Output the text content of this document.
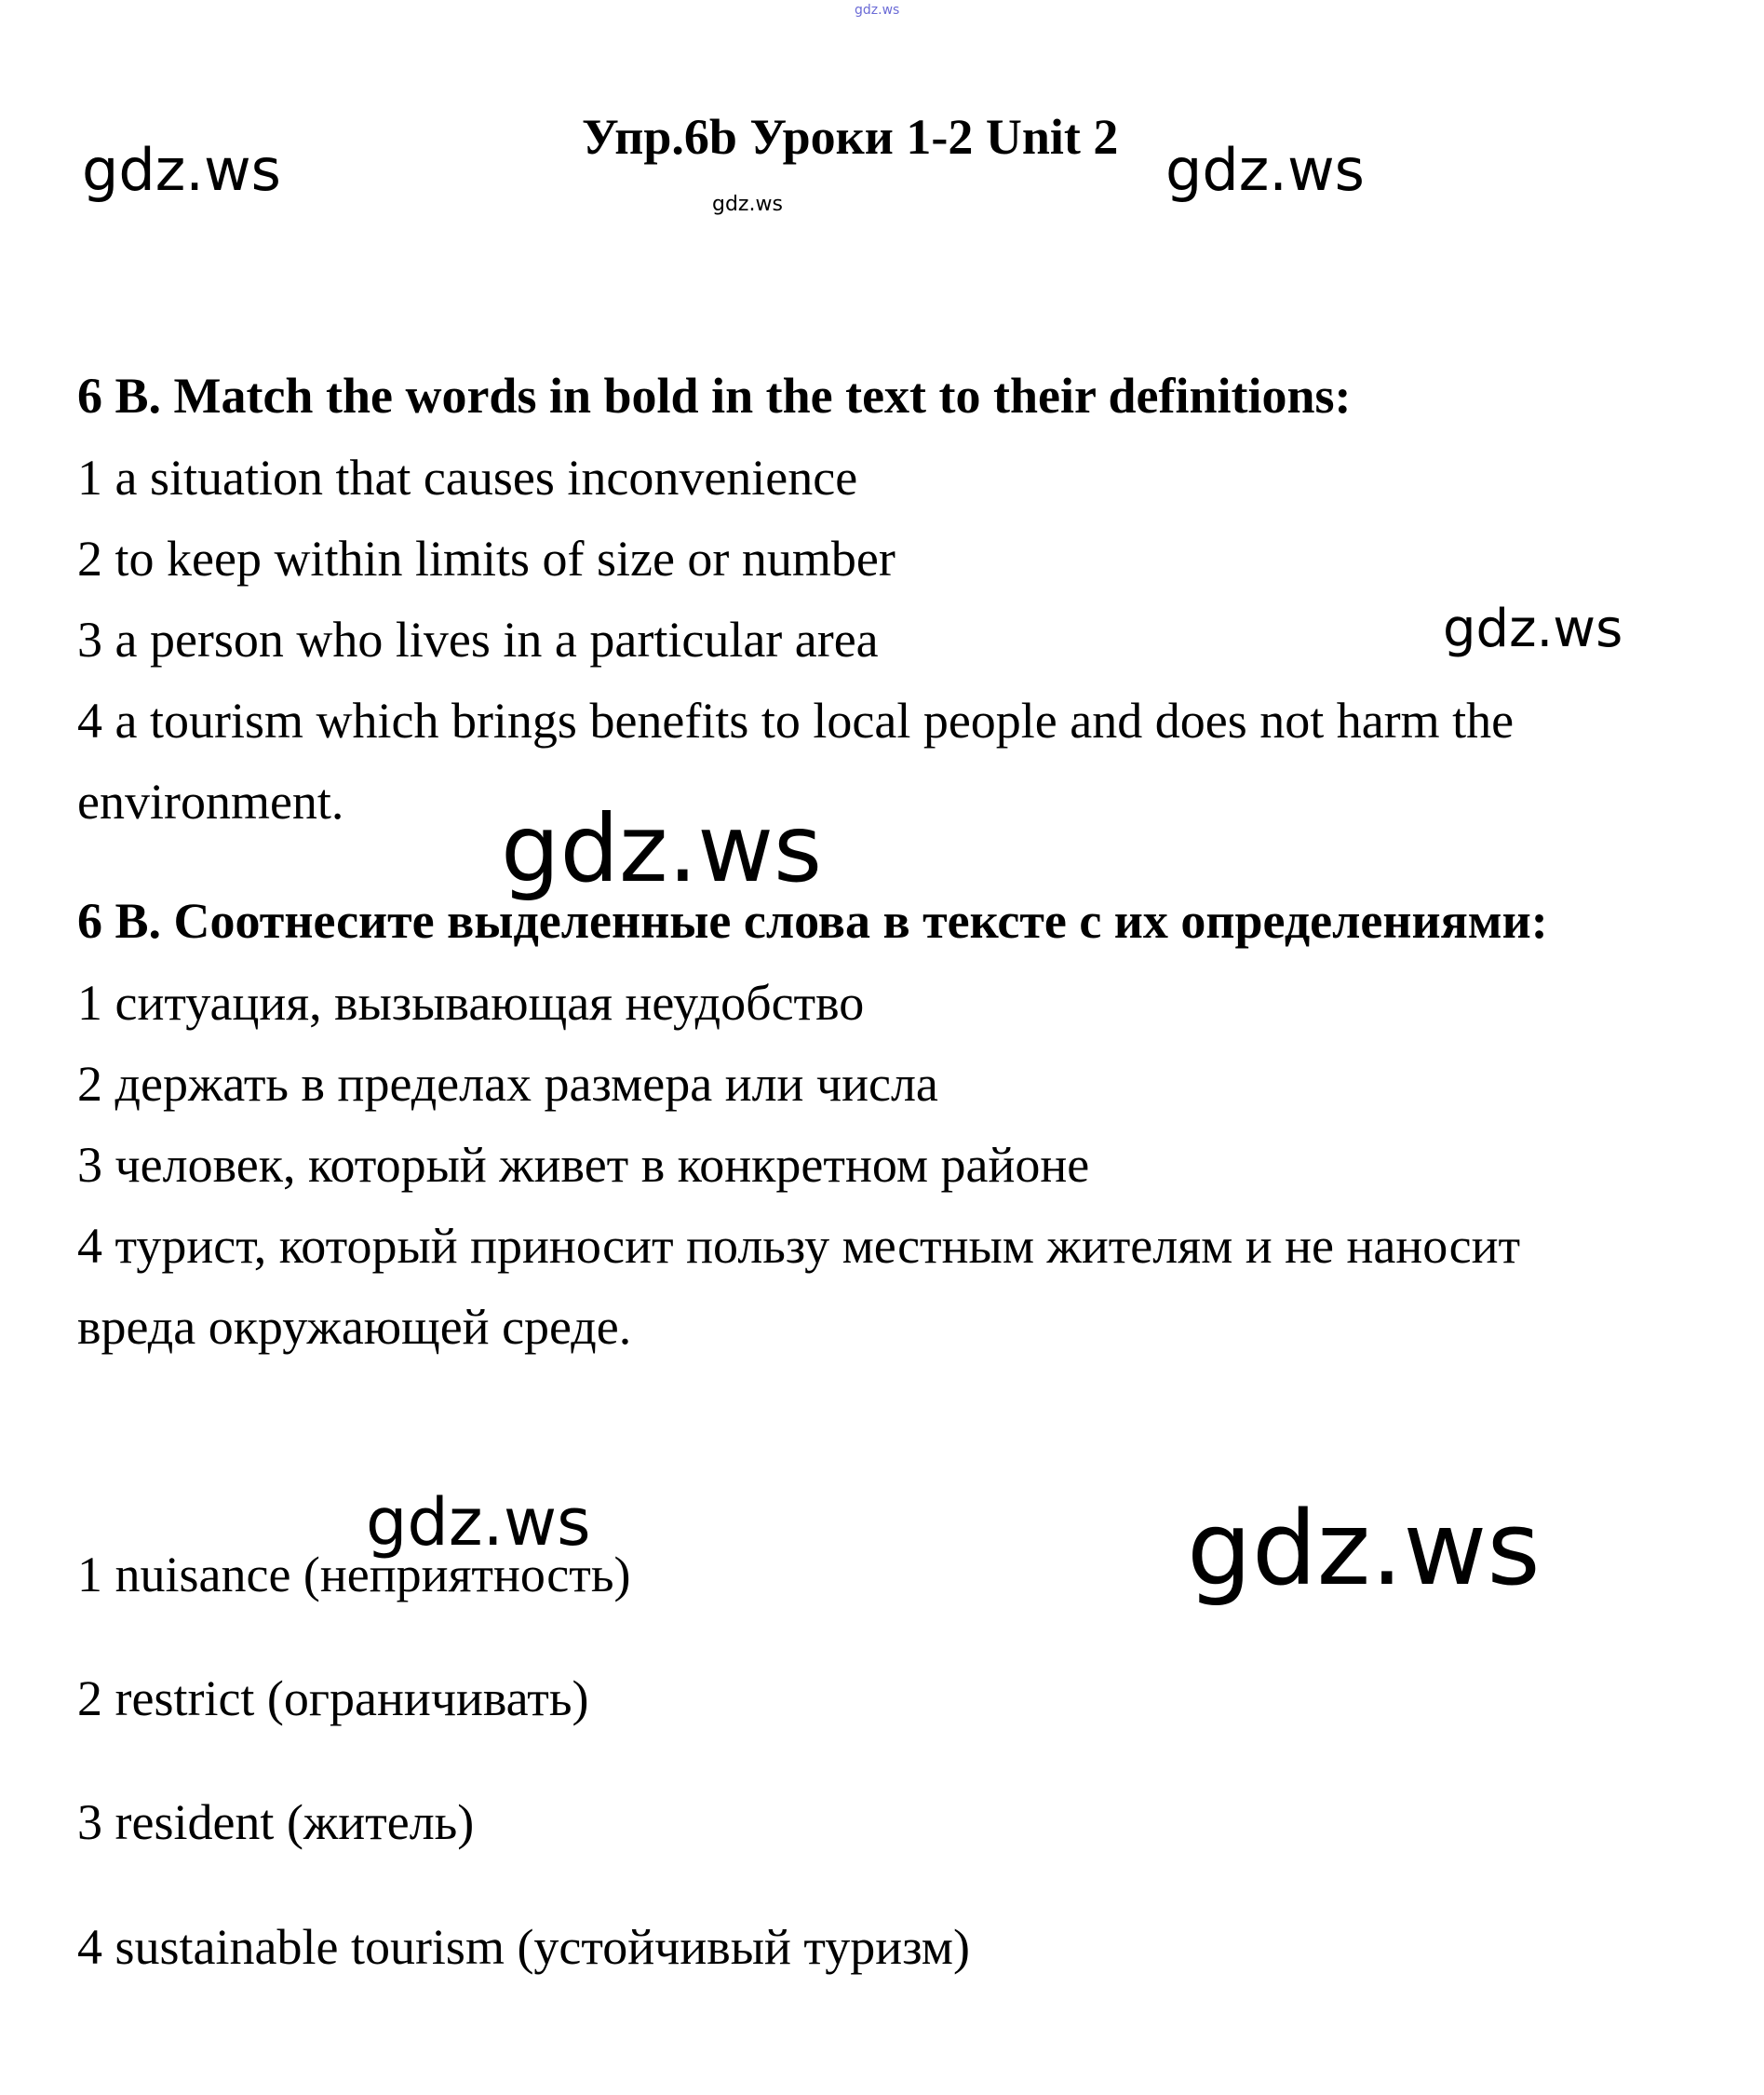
gdz.ws
gdz.ws
gdz.ws
gdz.ws
gdz.ws
gdz.ws
gdz.ws	gdz.ws
Упр.6b Уроки 1-2 Unit 2
6 B. Match the words in bold in the text to their definitions:
1 a situation that causes inconvenience
2 to keep within limits of size or number
3 a person who lives in a particular area
4 a tourism which brings benefits to local people and does not harm the
environment.
6 B. Соотнесите выделенные слова в тексте с их определениями:
1 ситуация, вызывающая неудобство
2 держать в пределах размера или числа
3 человек, который живет в конкретном районе
4 турист, который приносит пользу местным жителям и не наносит
вреда окружающей среде.
1 nuisance (неприятность)
2 restrict (ограничивать)
3 resident (житель)
4 sustainable tourism (устойчивый туризм)
